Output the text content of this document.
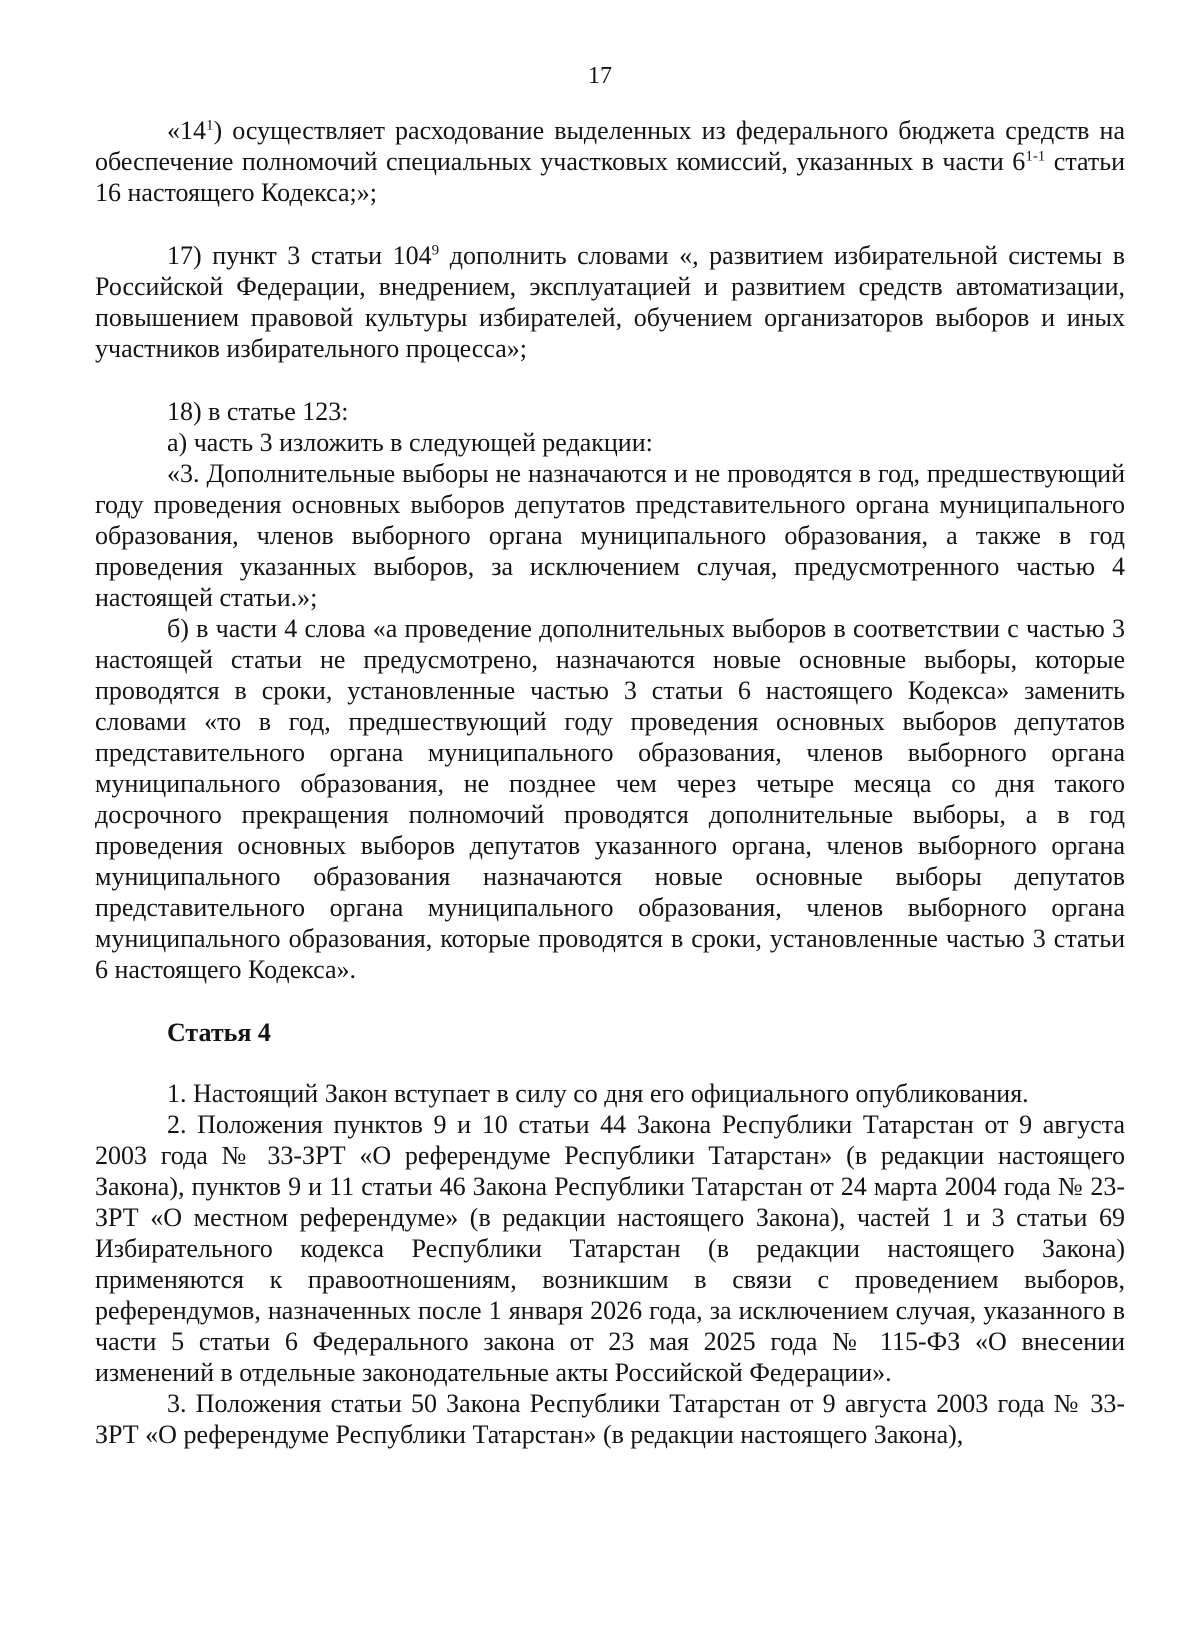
17

«$14^1$) осуществляет расходование выделенных из федерального бюджета средств на обеспечение полномочий специальных участковых комиссий, указанных в части 6$^{1-1}$ статьи 16 настоящего Кодекса;»;

17) пункт 3 статьи $104^9$ дополнить словами «, развитием избирательной системы в Российской Федерации, внедрением, эксплуатацией и развитием средств автоматизации, повышением правовой культуры избирателей, обучением организаторов выборов и иных участников избирательного процесса»;

18) в статье 123:

а) часть 3 изложить в следующей редакции:

«3. Дополнительные выборы не назначаются и не проводятся в год, предшествующий году проведения основных выборов депутатов представительного органа муниципального образования, членов выборного органа муниципального образования, а также в год проведения указанных выборов, за исключением случая, предусмотренного частью 4 настоящей статьи.»;

б) в части 4 слова «а проведение дополнительных выборов в соответствии с частью 3 настоящей статьи не предусмотрено, назначаются новые основные выборы, которые проводятся в сроки, установленные частью 3 статьи 6 настоящего Кодекса» заменить словами «то в год, предшествующий году проведения основных выборов депутатов представительного органа муниципального образования, членов выборного органа муниципального образования, не позднее чем через четыре месяца со дня такого досрочного прекращения полномочий проводятся дополнительные выборы, а в год проведения основных выборов депутатов указанного органа, членов выборного органа муниципального образования назначаются новые основные выборы депутатов представительного органа муниципального образования, членов выборного органа муниципального образования, которые проводятся в сроки, установленные частью 3 статьи 6 настоящего Кодекса».

Статья 4

1. Настоящий Закон вступает в силу со дня его официального опубликования.

2. Положения пунктов 9 и 10 статьи 44 Закона Республики Татарстан от 9 августа 2003 года № 33-ЗРТ «О референдуме Республики Татарстан» (в редакции настоящего Закона), пунктов 9 и 11 статьи 46 Закона Республики Татарстан от 24 марта 2004 года № 23-ЗРТ «О местном референдуме» (в редакции настоящего Закона), частей 1 и 3 статьи 69 Избирательного кодекса Республики Татарстан (в редакции настоящего Закона) применяются к правоотношениям, возникшим в связи с проведением выборов, референдумов, назначенных после 1 января 2026 года, за исключением случая, указанного в части 5 статьи 6 Федерального закона от 23 мая 2025 года № 115-ФЗ «О внесении изменений в отдельные законодательные акты Российской Федерации».

3. Положения статьи 50 Закона Республики Татарстан от 9 августа 2003 года № 33-ЗРТ «О референдуме Республики Татарстан» (в редакции настоящего Закона),
